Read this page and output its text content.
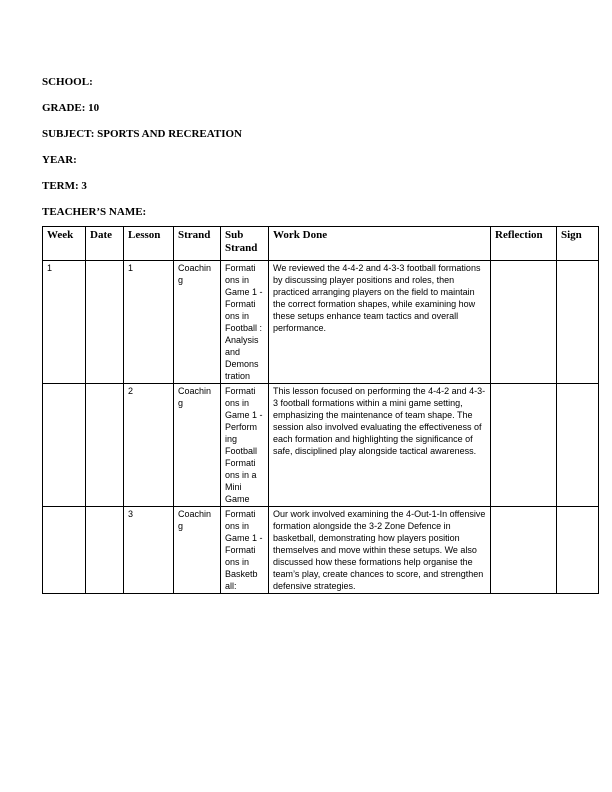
SCHOOL:
GRADE: 10
SUBJECT: SPORTS AND RECREATION
YEAR:
TERM: 3
TEACHER’S NAME:
Week	Date	Lesson	Strand	Sub Strand	Work Done	Reflection	Sign
1		1	Coachin g	Formati ons in Game 1 - Formati ons in Football : Analysis and Demons tration	We reviewed the 4-4-2 and 4-3-3 football formations by discussing player positions and roles, then practiced arranging players on the field to maintain the correct formation shapes, while examining how these setups enhance team tactics and overall performance.		
		2	Coachin g	Formati ons in Game 1 - Perform ing Football Formati ons in a Mini Game	This lesson focused on performing the 4-4-2 and 4-3-3 football formations within a mini game setting, emphasizing the maintenance of team shape. The session also involved evaluating the effectiveness of each formation and highlighting the significance of safe, disciplined play alongside tactical awareness.		
		3	Coachin g	Formati ons in Game 1 - Formati ons in Basketb all:	Our work involved examining the 4-Out-1-In offensive formation alongside the 3-2 Zone Defence in basketball, demonstrating how players position themselves and move within these setups. We also discussed how these formations help organise the team’s play, create chances to score, and strengthen defensive strategies.		
